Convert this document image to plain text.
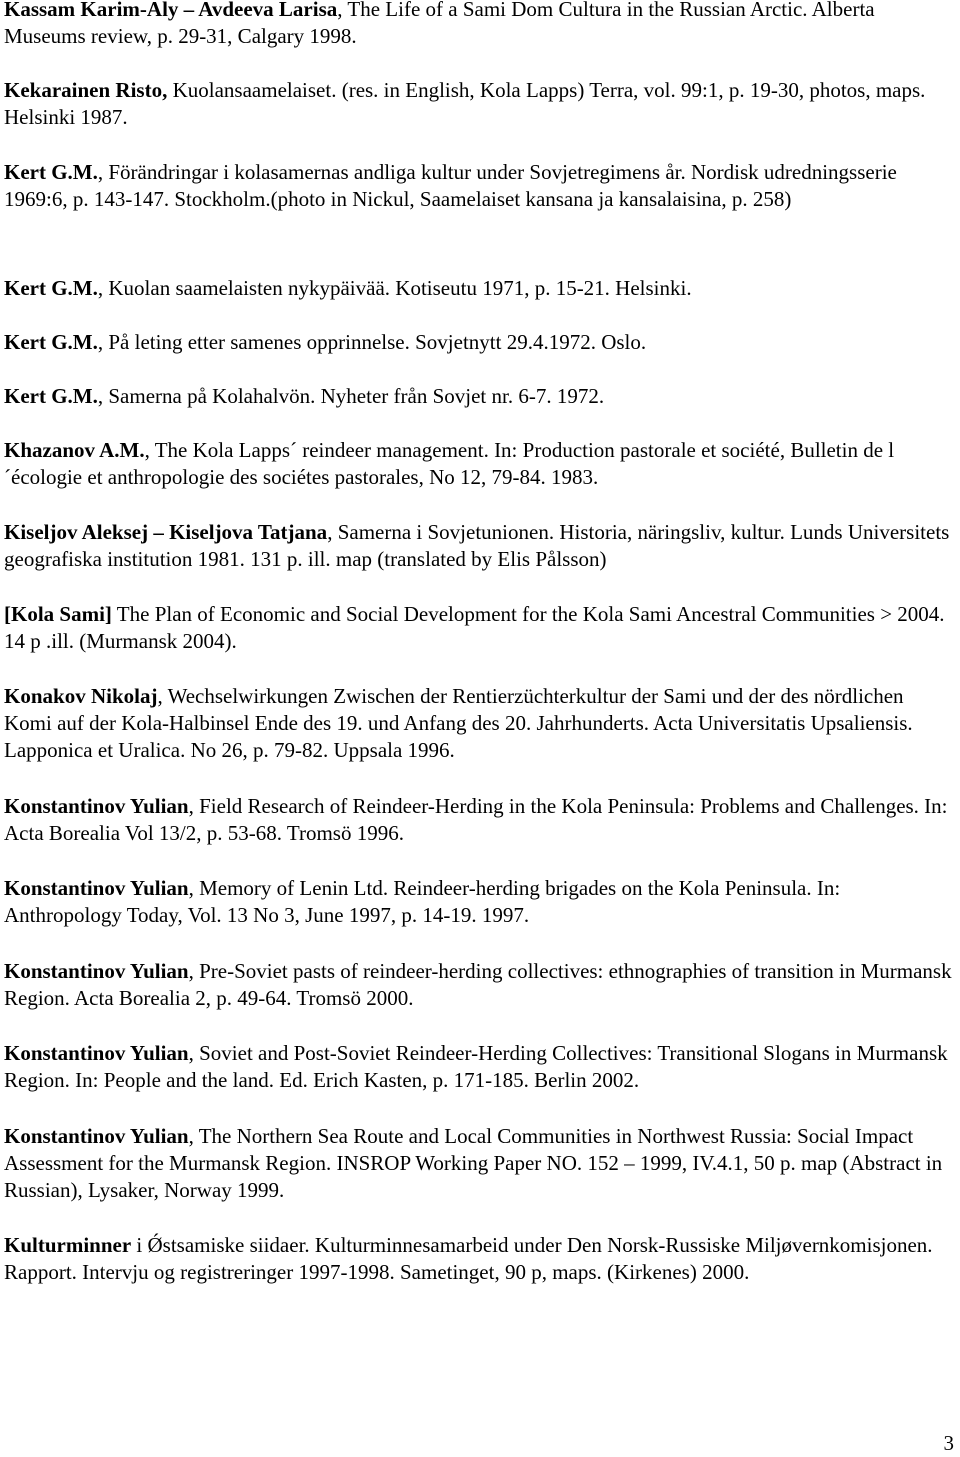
Kassam Karim-Aly – Avdeeva Larisa, The Life of a Sami Dom Cultura in the Russian Arctic. Alberta Museums review, p. 29-31, Calgary 1998.
Kekarainen Risto, Kuolansaamelaiset. (res. in English, Kola Lapps) Terra, vol. 99:1, p. 19-30, photos, maps. Helsinki 1987.
Kert G.M., Förändringar i kolasamernas andliga kultur under Sovjetregimens år. Nordisk udredningsserie 1969:6, p. 143-147. Stockholm.(photo in Nickul, Saamelaiset kansana ja kansalaisina, p. 258)
Kert G.M., Kuolan saamelaisten nykypäivää. Kotiseutu 1971, p. 15-21. Helsinki.
Kert G.M., På leting etter samenes opprinnelse. Sovjetnytt 29.4.1972. Oslo.
Kert G.M., Samerna på Kolahalvön. Nyheter från Sovjet nr. 6-7. 1972.
Khazanov A.M., The Kola Lapps´ reindeer management. In: Production pastorale et société, Bulletin de l´écologie et anthropologie des sociétes pastorales, No 12, 79-84. 1983.
Kiseljov Aleksej – Kiseljova Tatjana, Samerna i Sovjetunionen. Historia, näringsliv, kultur. Lunds Universitets geografiska institution 1981. 131 p. ill. map (translated by Elis Pålsson)
[Kola Sami] The Plan of Economic and Social Development for the Kola Sami Ancestral Communities > 2004. 14 p .ill. (Murmansk 2004).
Konakov Nikolaj, Wechselwirkungen Zwischen der Rentierzüchterkultur der Sami und der des nördlichen Komi auf der Kola-Halbinsel Ende des 19. und Anfang des 20. Jahrhunderts. Acta Universitatis Upsaliensis. Lapponica et Uralica. No 26, p. 79-82. Uppsala 1996.
Konstantinov Yulian, Field Research of Reindeer-Herding in the Kola Peninsula: Problems and Challenges. In: Acta Borealia Vol 13/2, p. 53-68. Tromsö 1996.
Konstantinov Yulian, Memory of Lenin Ltd. Reindeer-herding brigades on the Kola Peninsula. In: Anthropology Today, Vol. 13 No 3, June 1997, p. 14-19. 1997.
Konstantinov Yulian, Pre-Soviet pasts of reindeer-herding collectives: ethnographies of transition in Murmansk Region. Acta Borealia 2, p. 49-64. Tromsö 2000.
Konstantinov Yulian, Soviet and Post-Soviet Reindeer-Herding Collectives: Transitional Slogans in Murmansk Region. In: People and the land. Ed. Erich Kasten, p. 171-185. Berlin 2002.
Konstantinov Yulian, The Northern Sea Route and Local Communities in Northwest Russia: Social Impact Assessment for the Murmansk Region. INSROP Working Paper NO. 152 – 1999, IV.4.1, 50 p. map (Abstract in Russian), Lysaker, Norway 1999.
Kulturminner i Ǿstsamiske siidaer. Kulturminnesamarbeid under Den Norsk-Russiske Miljøvernkomisjonen. Rapport. Intervju og registreringer 1997-1998. Sametinget, 90 p, maps. (Kirkenes) 2000.
3
